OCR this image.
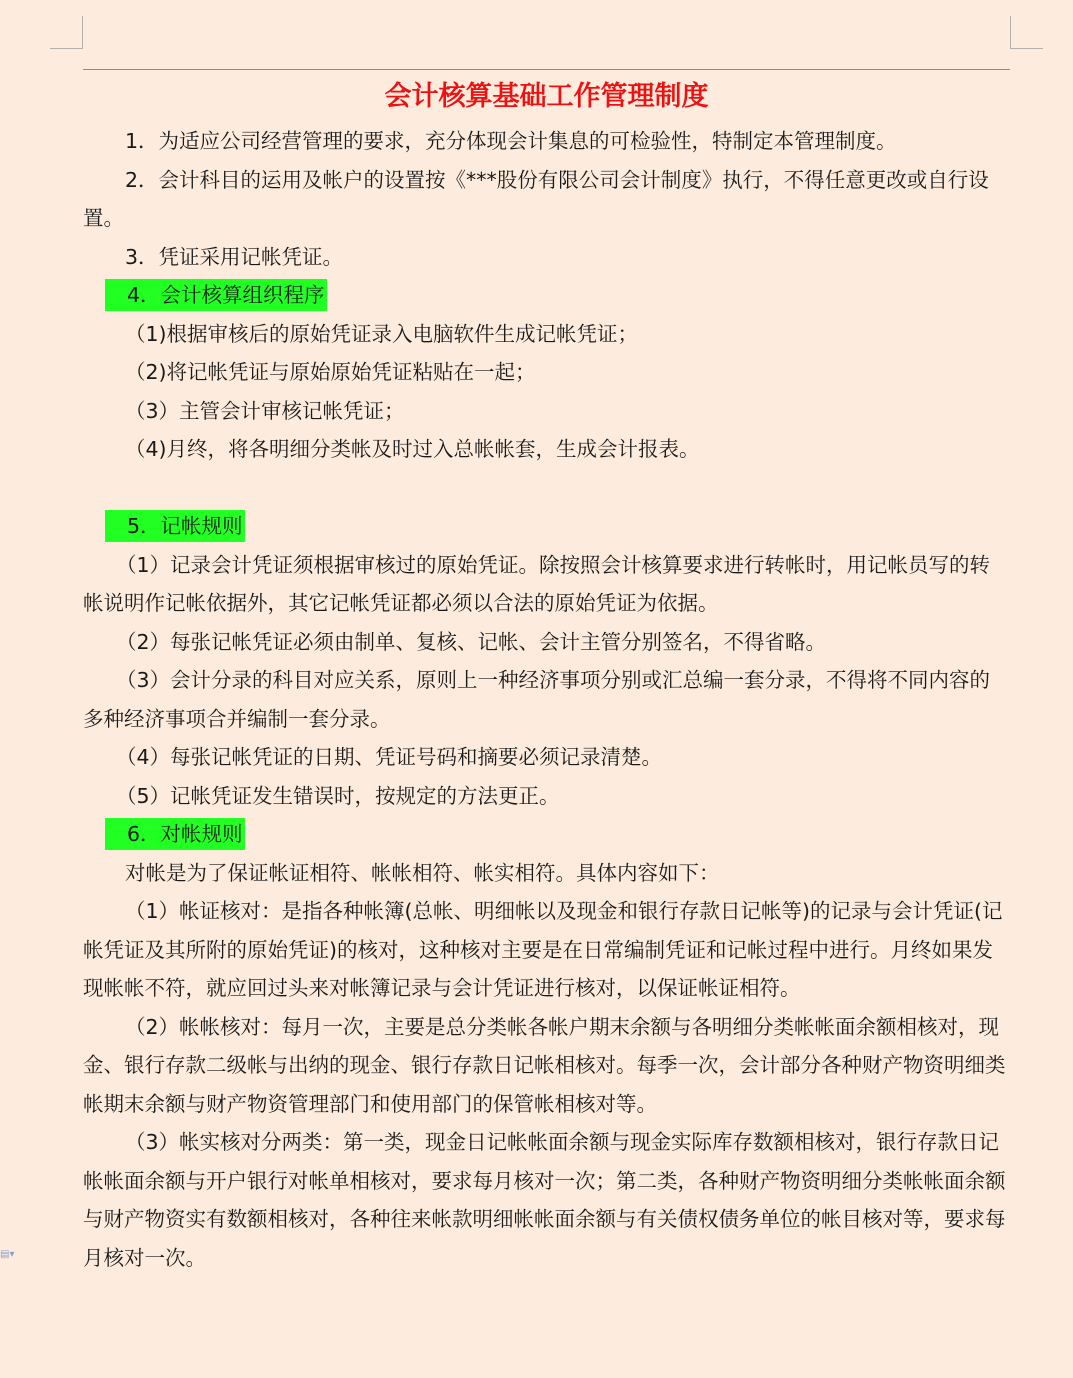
会计核算基础工作管理制度

1．为适应公司经营管理的要求，充分体现会计集息的可检验性，特制定本管理制度。

2．会计科目的运用及帐户的设置按《***股份有限公司会计制度》执行，不得任意更改或自行设置。

3．凭证采用记帐凭证。

4．会计核算组织程序

（1)根据审核后的原始凭证录入电脑软件生成记帐凭证；

（2)将记帐凭证与原始原始凭证粘贴在一起；

（3）主管会计审核记帐凭证；

（4)月终，将各明细分类帐及时过入总帐帐套，生成会计报表。

5．记帐规则

（1）记录会计凭证须根据审核过的原始凭证。除按照会计核算要求进行转帐时，用记帐员写的转帐说明作记帐依据外，其它记帐凭证都必须以合法的原始凭证为依据。

（2）每张记帐凭证必须由制单、复核、记帐、会计主管分别签名，不得省略。

（3）会计分录的科目对应关系，原则上一种经济事项分别或汇总编一套分录，不得将不同内容的多种经济事项合并编制一套分录。

（4）每张记帐凭证的日期、凭证号码和摘要必须记录清楚。

（5）记帐凭证发生错误时，按规定的方法更正。

6．对帐规则

对帐是为了保证帐证相符、帐帐相符、帐实相符。具体内容如下：

（1）帐证核对：是指各种帐簿(总帐、明细帐以及现金和银行存款日记帐等)的记录与会计凭证(记帐凭证及其所附的原始凭证)的核对，这种核对主要是在日常编制凭证和记帐过程中进行。月终如果发现帐帐不符，就应回过头来对帐簿记录与会计凭证进行核对，以保证帐证相符。

（2）帐帐核对：每月一次，主要是总分类帐各帐户期末余额与各明细分类帐帐面余额相核对，现金、银行存款二级帐与出纳的现金、银行存款日记帐相核对。每季一次，会计部分各种财产物资明细类帐期末余额与财产物资管理部门和使用部门的保管帐相核对等。

（3）帐实核对分两类：第一类，现金日记帐帐面余额与现金实际库存数额相核对，银行存款日记帐帐面余额与开户银行对帐单相核对，要求每月核对一次；第二类，各种财产物资明细分类帐帐面余额与财产物资实有数额相核对，各种往来帐款明细帐帐面余额与有关债权债务单位的帐目核对等，要求每月核对一次。

▤▾
